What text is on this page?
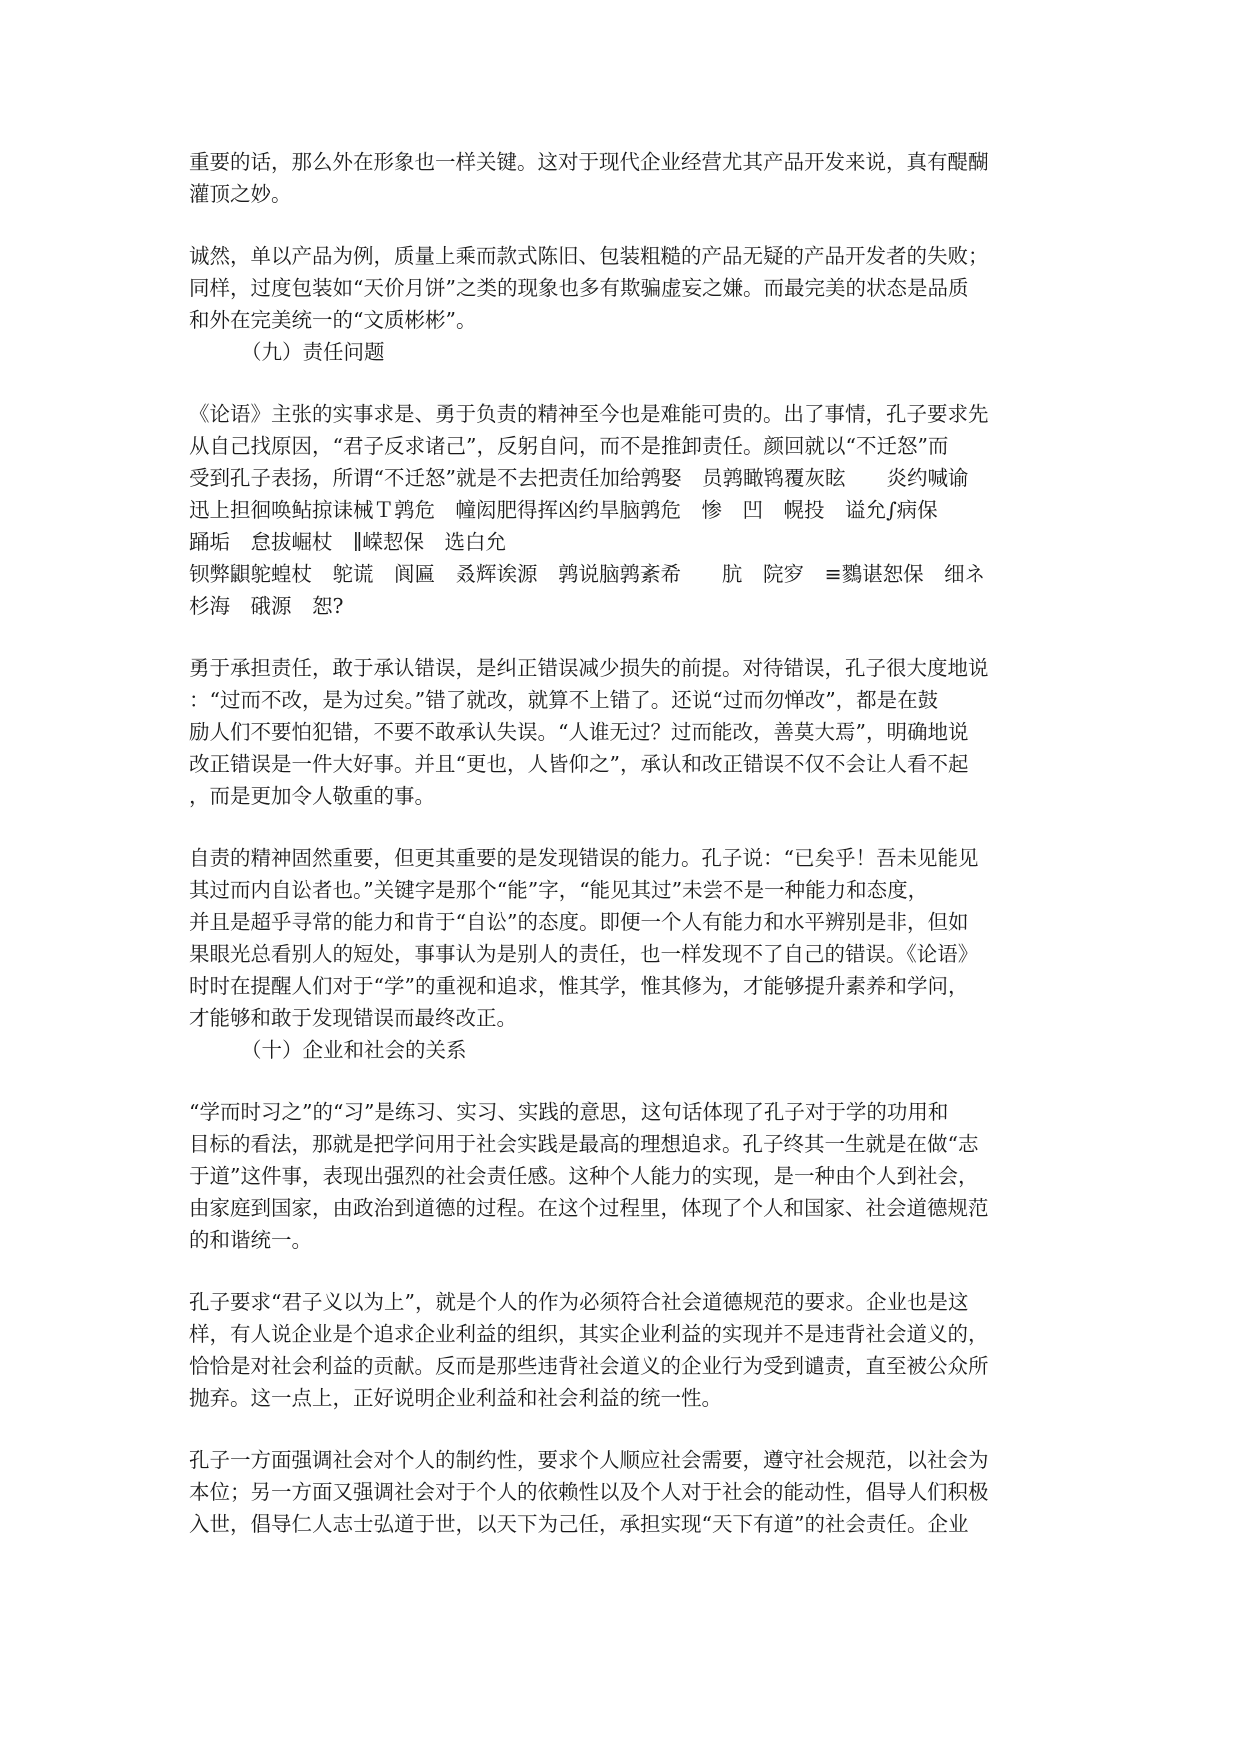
重要的话，那么外在形象也一样关键。这对于现代企业经营尤其产品开发来说，真有醍醐
灌顶之妙。
诚然，单以产品为例，质量上乘而款式陈旧、包装粗糙的产品无疑的产品开发者的失败；
同样，过度包装如“天价月饼”之类的现象也多有欺骗虚妄之嫌。而最完美的状态是品质
和外在完美统一的“文质彬彬”。
（九）责任问题
《论语》主张的实事求是、勇于负责的精神至今也是难能可贵的。出了事情，孔子要求先
从自己找原因，“君子反求诸己”，反躬自问，而不是推卸责任。颜回就以“不迁怒”而
受到孔子表扬，所谓“不迁怒”就是不去把责任加给鹑娶　员鹑瞰鸨覆灰眩　　炎约喊谕
迅上担徊唤鲇掠诔械Ｔ鹑危　幢闳肥得挥凶约旱脑鹑危　惨　凹　幌投　谥允∫病保　
踊垢　怠拔崛杖　∥嵘恝保　选白允
钡弊鼰鸵蝗杖　鸵谎　阆匾　叒辉诶源　鹑说脑鹑紊希　　肮　院穸　≡鷚谌恕保　细ネ
杉海　硪源　恕?
勇于承担责任，敢于承认错误，是纠正错误减少损失的前提。对待错误，孔子很大度地说
：“过而不改，是为过矣。”错了就改，就算不上错了。还说“过而勿惮改”，都是在鼓
励人们不要怕犯错，不要不敢承认失误。“人谁无过？过而能改，善莫大焉”，明确地说
改正错误是一件大好事。并且“更也，人皆仰之”，承认和改正错误不仅不会让人看不起
，而是更加令人敬重的事。
自责的精神固然重要，但更其重要的是发现错误的能力。孔子说：“已矣乎！吾未见能见
其过而内自讼者也。”关键字是那个“能”字，“能见其过”未尝不是一种能力和态度，
并且是超乎寻常的能力和肯于“自讼”的态度。即便一个人有能力和水平辨别是非，但如
果眼光总看别人的短处，事事认为是别人的责任，也一样发现不了自己的错误。《论语》
时时在提醒人们对于“学”的重视和追求，惟其学，惟其修为，才能够提升素养和学问，
才能够和敢于发现错误而最终改正。
（十）企业和社会的关系
“学而时习之”的“习”是练习、实习、实践的意思，这句话体现了孔子对于学的功用和
目标的看法，那就是把学问用于社会实践是最高的理想追求。孔子终其一生就是在做“志
于道”这件事，表现出强烈的社会责任感。这种个人能力的实现，是一种由个人到社会，
由家庭到国家，由政治到道德的过程。在这个过程里，体现了个人和国家、社会道德规范
的和谐统一。
孔子要求“君子义以为上”，就是个人的作为必须符合社会道德规范的要求。企业也是这
样，有人说企业是个追求企业利益的组织，其实企业利益的实现并不是违背社会道义的，
恰恰是对社会利益的贡献。反而是那些违背社会道义的企业行为受到谴责，直至被公众所
抛弃。这一点上，正好说明企业利益和社会利益的统一性。
孔子一方面强调社会对个人的制约性，要求个人顺应社会需要，遵守社会规范，以社会为
本位；另一方面又强调社会对于个人的依赖性以及个人对于社会的能动性，倡导人们积极
入世，倡导仁人志士弘道于世，以天下为己任，承担实现“天下有道”的社会责任。企业
